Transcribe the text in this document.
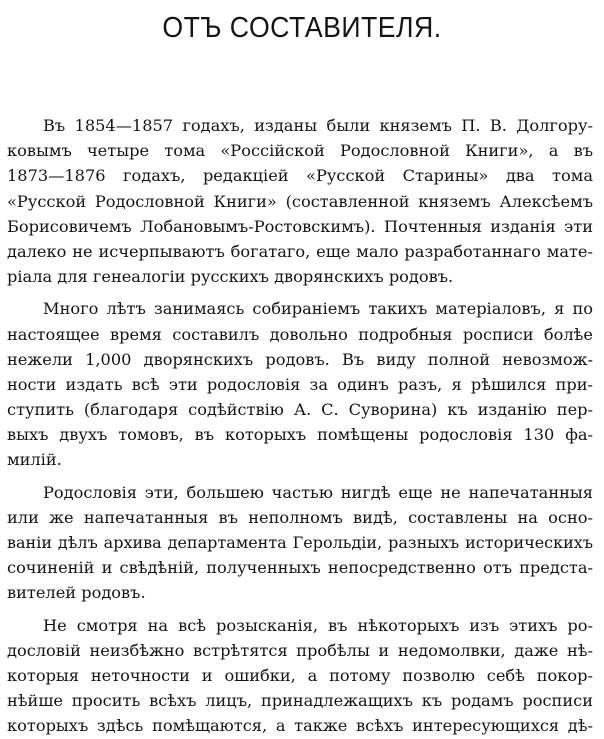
ОТЪ СОСТАВИТЕЛЯ.
Въ 1854—1857 годахъ, изданы были княземъ П. В. Долгору-
ковымъ четыре тома «Россiйской Родословной Книги», а въ
1873—1876 годахъ, редакцiей «Русской Старины» два тома
«Русской Родословной Книги» (составленной княземъ Алексѣемъ
Борисовичемъ Лобановымъ-Ростовскимъ). Почтенныя изданiя эти
далеко не исчерпываютъ богатаго, еще мало разработаннаго мате-
рiала для генеалогiи русскихъ дворянскихъ родовъ.
Много лѣтъ занимаясь собиранiемъ такихъ матерiаловъ, я по
настоящее время составилъ довольно подробныя росписи болѣе
нежели 1,000 дворянскихъ родовъ. Въ виду полной невозмож-
ности издать всѣ эти родословiя за одинъ разъ, я рѣшился при-
ступить (благодаря содѣйствiю А. С. Суворина) къ изданiю пер-
выхъ двухъ томовъ, въ которыхъ помѣщены родословiя 130 фа-
милiй.
Родословiя эти, большею частью нигдѣ еще не напечатанныя
или же напечатанныя въ неполномъ видѣ, составлены на осно-
ванiи дѣлъ архива департамента Герольдiи, разныхъ историческихъ
сочиненiй и свѣдѣнiй, полученныхъ непосредственно отъ предста-
вителей родовъ.
Не смотря на всѣ розысканiя, въ нѣкоторыхъ изъ этихъ ро-
дословiй неизбѣжно встрѣтятся пробѣлы и недомолвки, даже нѣ-
которыя неточности и ошибки, а потому позволю себѣ покор-
нѣйше просить всѣхъ лицъ, принадлежащихъ къ родамъ росписи
которыхъ здѣсь помѣщаются, а также всѣхъ интересующихся дѣ-
